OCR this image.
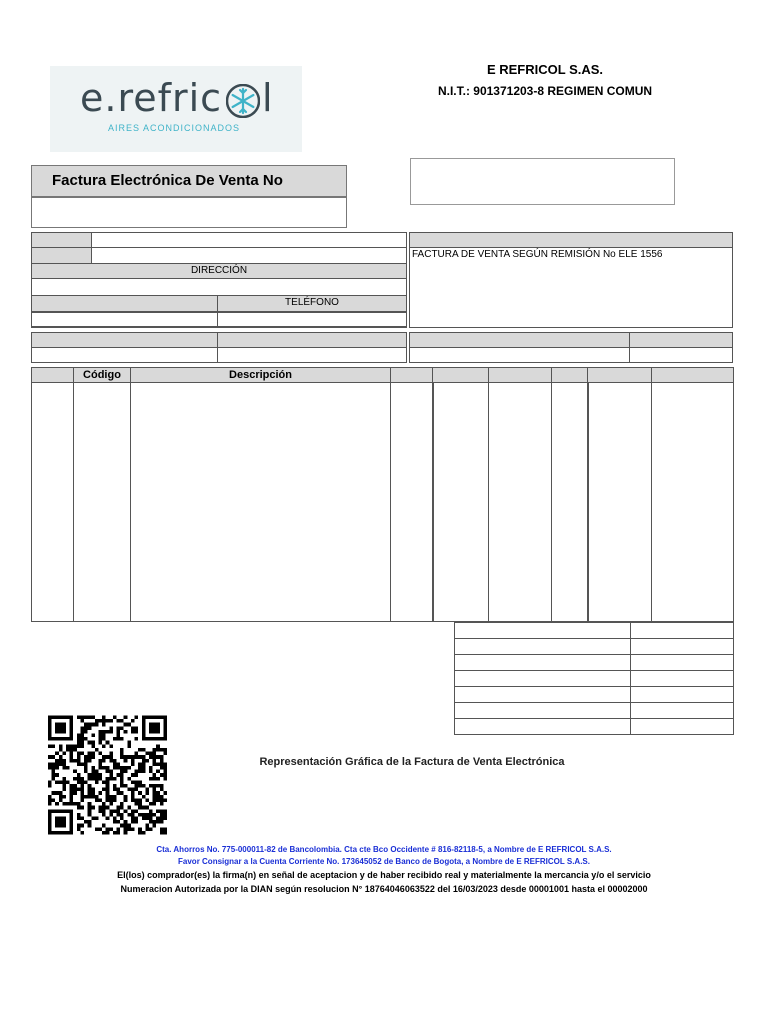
e.refric l
AIRES ACONDICIONADOS
E REFRICOL S.AS.
N.I.T.: 901371203-8 REGIMEN COMUN
Factura Electrónica De Venta No
DIRECCIÓN
TELÉFONO
FACTURA DE VENTA SEGÚN REMISIÓN No ELE 1556
Código	Descripción
Representación Gráfica de la Factura de Venta Electrónica
Cta. Ahorros No. 775-000011-82 de Bancolombia. Cta cte Bco Occidente # 816-82118-5, a Nombre de E REFRICOL S.A.S.
Favor Consignar a la Cuenta Corriente No. 173645052 de Banco de Bogota, a Nombre de E REFRICOL S.A.S.
El(los) comprador(es) la firma(n) en señal de aceptacion y de haber recibido real y materialmente la mercancia y/o el servicio
Numeracion Autorizada por la DIAN según resolucion N° 18764046063522 del 16/03/2023 desde 00001001 hasta el 00002000
